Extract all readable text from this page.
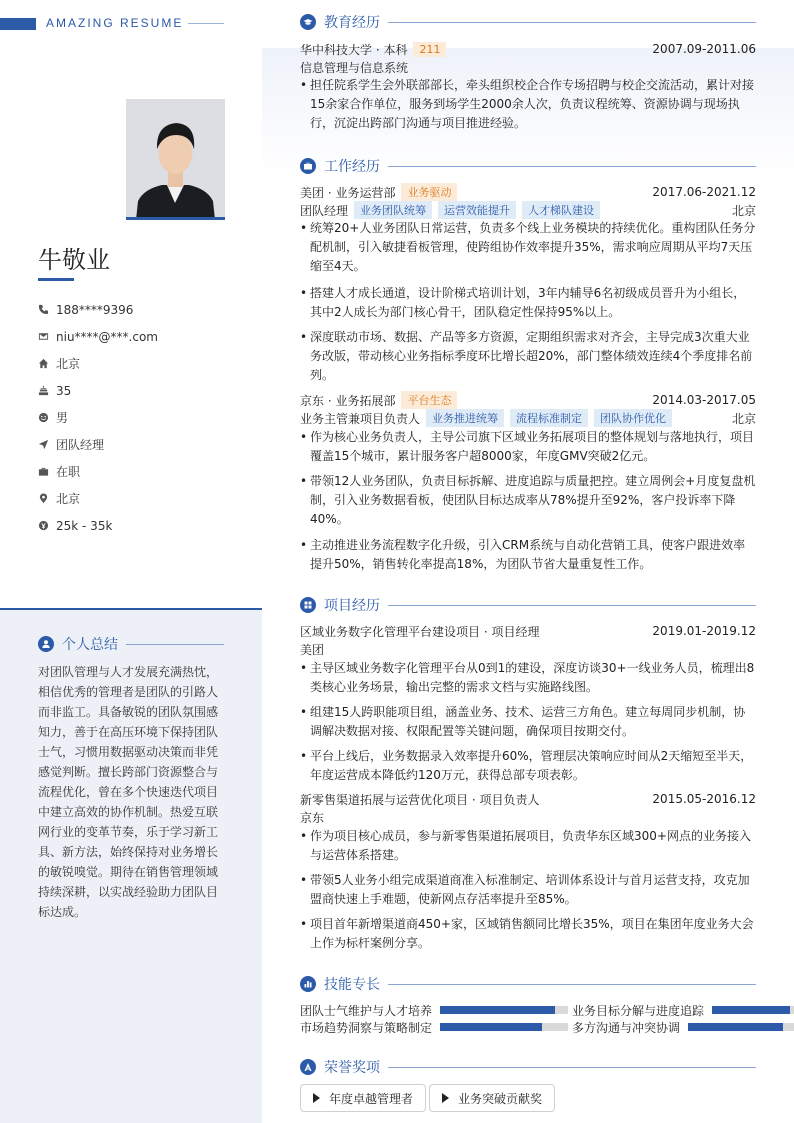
AMAZING RESUME
牛敬业
188****9396
niu****@***.com
北京
35
男
团队经理
在职
北京
25k - 35k
个人总结
对团队管理与人才发展充满热忱，相信优秀的管理者是团队的引路人而非监工。具备敏锐的团队氛围感知力，善于在高压环境下保持团队士气，习惯用数据驱动决策而非凭感觉判断。擅长跨部门资源整合与流程优化，曾在多个快速迭代项目中建立高效的协作机制。热爱互联网行业的变革节奏，乐于学习新工具、新方法，始终保持对业务增长的敏锐嗅觉。期待在销售管理领域持续深耕，以实战经验助力团队目标达成。
教育经历
华中科技大学 · 本科	211	2007.09-2011.06
信息管理与信息系统
• 担任院系学生会外联部部长，牵头组织校企合作专场招聘与校企交流活动，累计对接15余家合作单位，服务到场学生2000余人次，负责议程统筹、资源协调与现场执行，沉淀出跨部门沟通与项目推进经验。
工作经历
美团 · 业务运营部	业务驱动	2017.06-2021.12
团队经理	业务团队统筹	运营效能提升	人才梯队建设	北京
• 统筹20+人业务团队日常运营，负责多个线上业务模块的持续优化。重构团队任务分配机制，引入敏捷看板管理，使跨组协作效率提升35%，需求响应周期从平均7天压缩至4天。
• 搭建人才成长通道，设计阶梯式培训计划，3年内辅导6名初级成员晋升为小组长，其中2人成长为部门核心骨干，团队稳定性保持95%以上。
• 深度联动市场、数据、产品等多方资源，定期组织需求对齐会，主导完成3次重大业务改版，带动核心业务指标季度环比增长超20%，部门整体绩效连续4个季度排名前列。
京东 · 业务拓展部	平台生态	2014.03-2017.05
业务主管兼项目负责人	业务推进统筹	流程标准制定	团队协作优化	北京
• 作为核心业务负责人，主导公司旗下区域业务拓展项目的整体规划与落地执行，项目覆盖15个城市，累计服务客户超8000家，年度GMV突破2亿元。
• 带领12人业务团队，负责目标拆解、进度追踪与质量把控。建立周例会+月度复盘机制，引入业务数据看板，使团队目标达成率从78%提升至92%，客户投诉率下降40%。
• 主动推进业务流程数字化升级，引入CRM系统与自动化营销工具，使客户跟进效率提升50%，销售转化率提高18%，为团队节省大量重复性工作。
项目经历
区域业务数字化管理平台建设项目 · 项目经理	2019.01-2019.12
美团
• 主导区域业务数字化管理平台从0到1的建设，深度访谈30+一线业务人员，梳理出8类核心业务场景，输出完整的需求文档与实施路线图。
• 组建15人跨职能项目组，涵盖业务、技术、运营三方角色。建立每周同步机制，协调解决数据对接、权限配置等关键问题，确保项目按期交付。
• 平台上线后，业务数据录入效率提升60%，管理层决策响应时间从2天缩短至半天，年度运营成本降低约120万元，获得总部专项表彰。
新零售渠道拓展与运营优化项目 · 项目负责人	2015.05-2016.12
京东
• 作为项目核心成员，参与新零售渠道拓展项目，负责华东区域300+网点的业务接入与运营体系搭建。
• 带领5人业务小组完成渠道商准入标准制定、培训体系设计与首月运营支持，攻克加盟商快速上手难题，使新网点存活率提升至85%。
• 项目首年新增渠道商450+家，区域销售额同比增长35%，项目在集团年度业务大会上作为标杆案例分享。
技能专长
团队士气维护与人才培养	业务目标分解与进度追踪
市场趋势洞察与策略制定	多方沟通与冲突协调
荣誉奖项
年度卓越管理者	业务突破贡献奖
